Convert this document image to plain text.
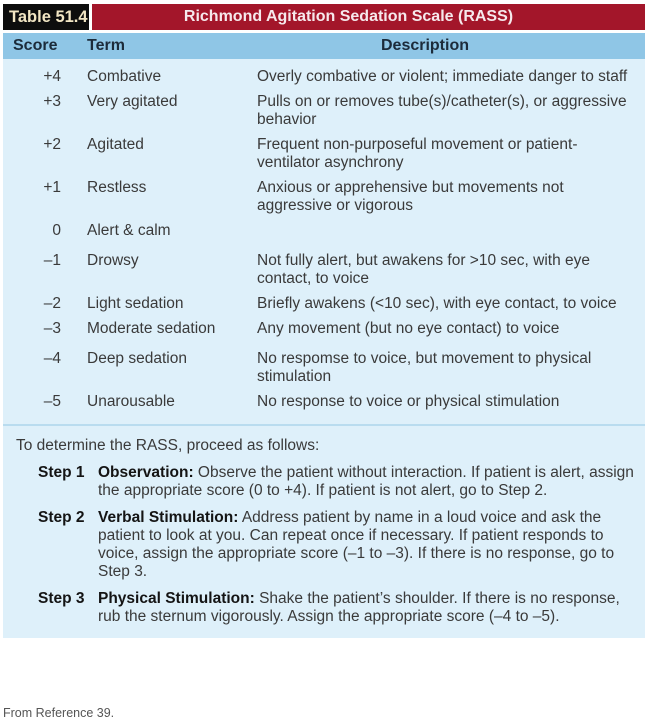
Table 51.4	Richmond Agitation Sedation Scale (RASS)
Score	Term	Description
+4	Combative	Overly combative or violent; immediate danger to staff
+3	Very agitated	Pulls on or removes tube(s)/catheter(s), or aggressive behavior
+2	Agitated	Frequent non-purposeful movement or patient-ventilator asynchrony
+1	Restless	Anxious or apprehensive but movements not aggressive or vigorous
0	Alert & calm
–1	Drowsy	Not fully alert, but awakens for >10 sec, with eye contact, to voice
–2	Light sedation	Briefly awakens (<10 sec), with eye contact, to voice
–3	Moderate sedation	Any movement (but no eye contact) to voice
–4	Deep sedation	No respomse to voice, but movement to physical stimulation
–5	Unarousable	No response to voice or physical stimulation
To determine the RASS, proceed as follows:
Step 1 Observation: Observe the patient without interaction. If patient is alert, assign the appropriate score (0 to +4). If patient is not alert, go to Step 2.
Step 2 Verbal Stimulation: Address patient by name in a loud voice and ask the patient to look at you. Can repeat once if necessary. If patient responds to voice, assign the appropriate score (–1 to –3). If there is no response, go to Step 3.
Step 3 Physical Stimulation: Shake the patient’s shoulder. If there is no response, rub the sternum vigorously. Assign the appropriate score (–4 to –5).
From Reference 39.
